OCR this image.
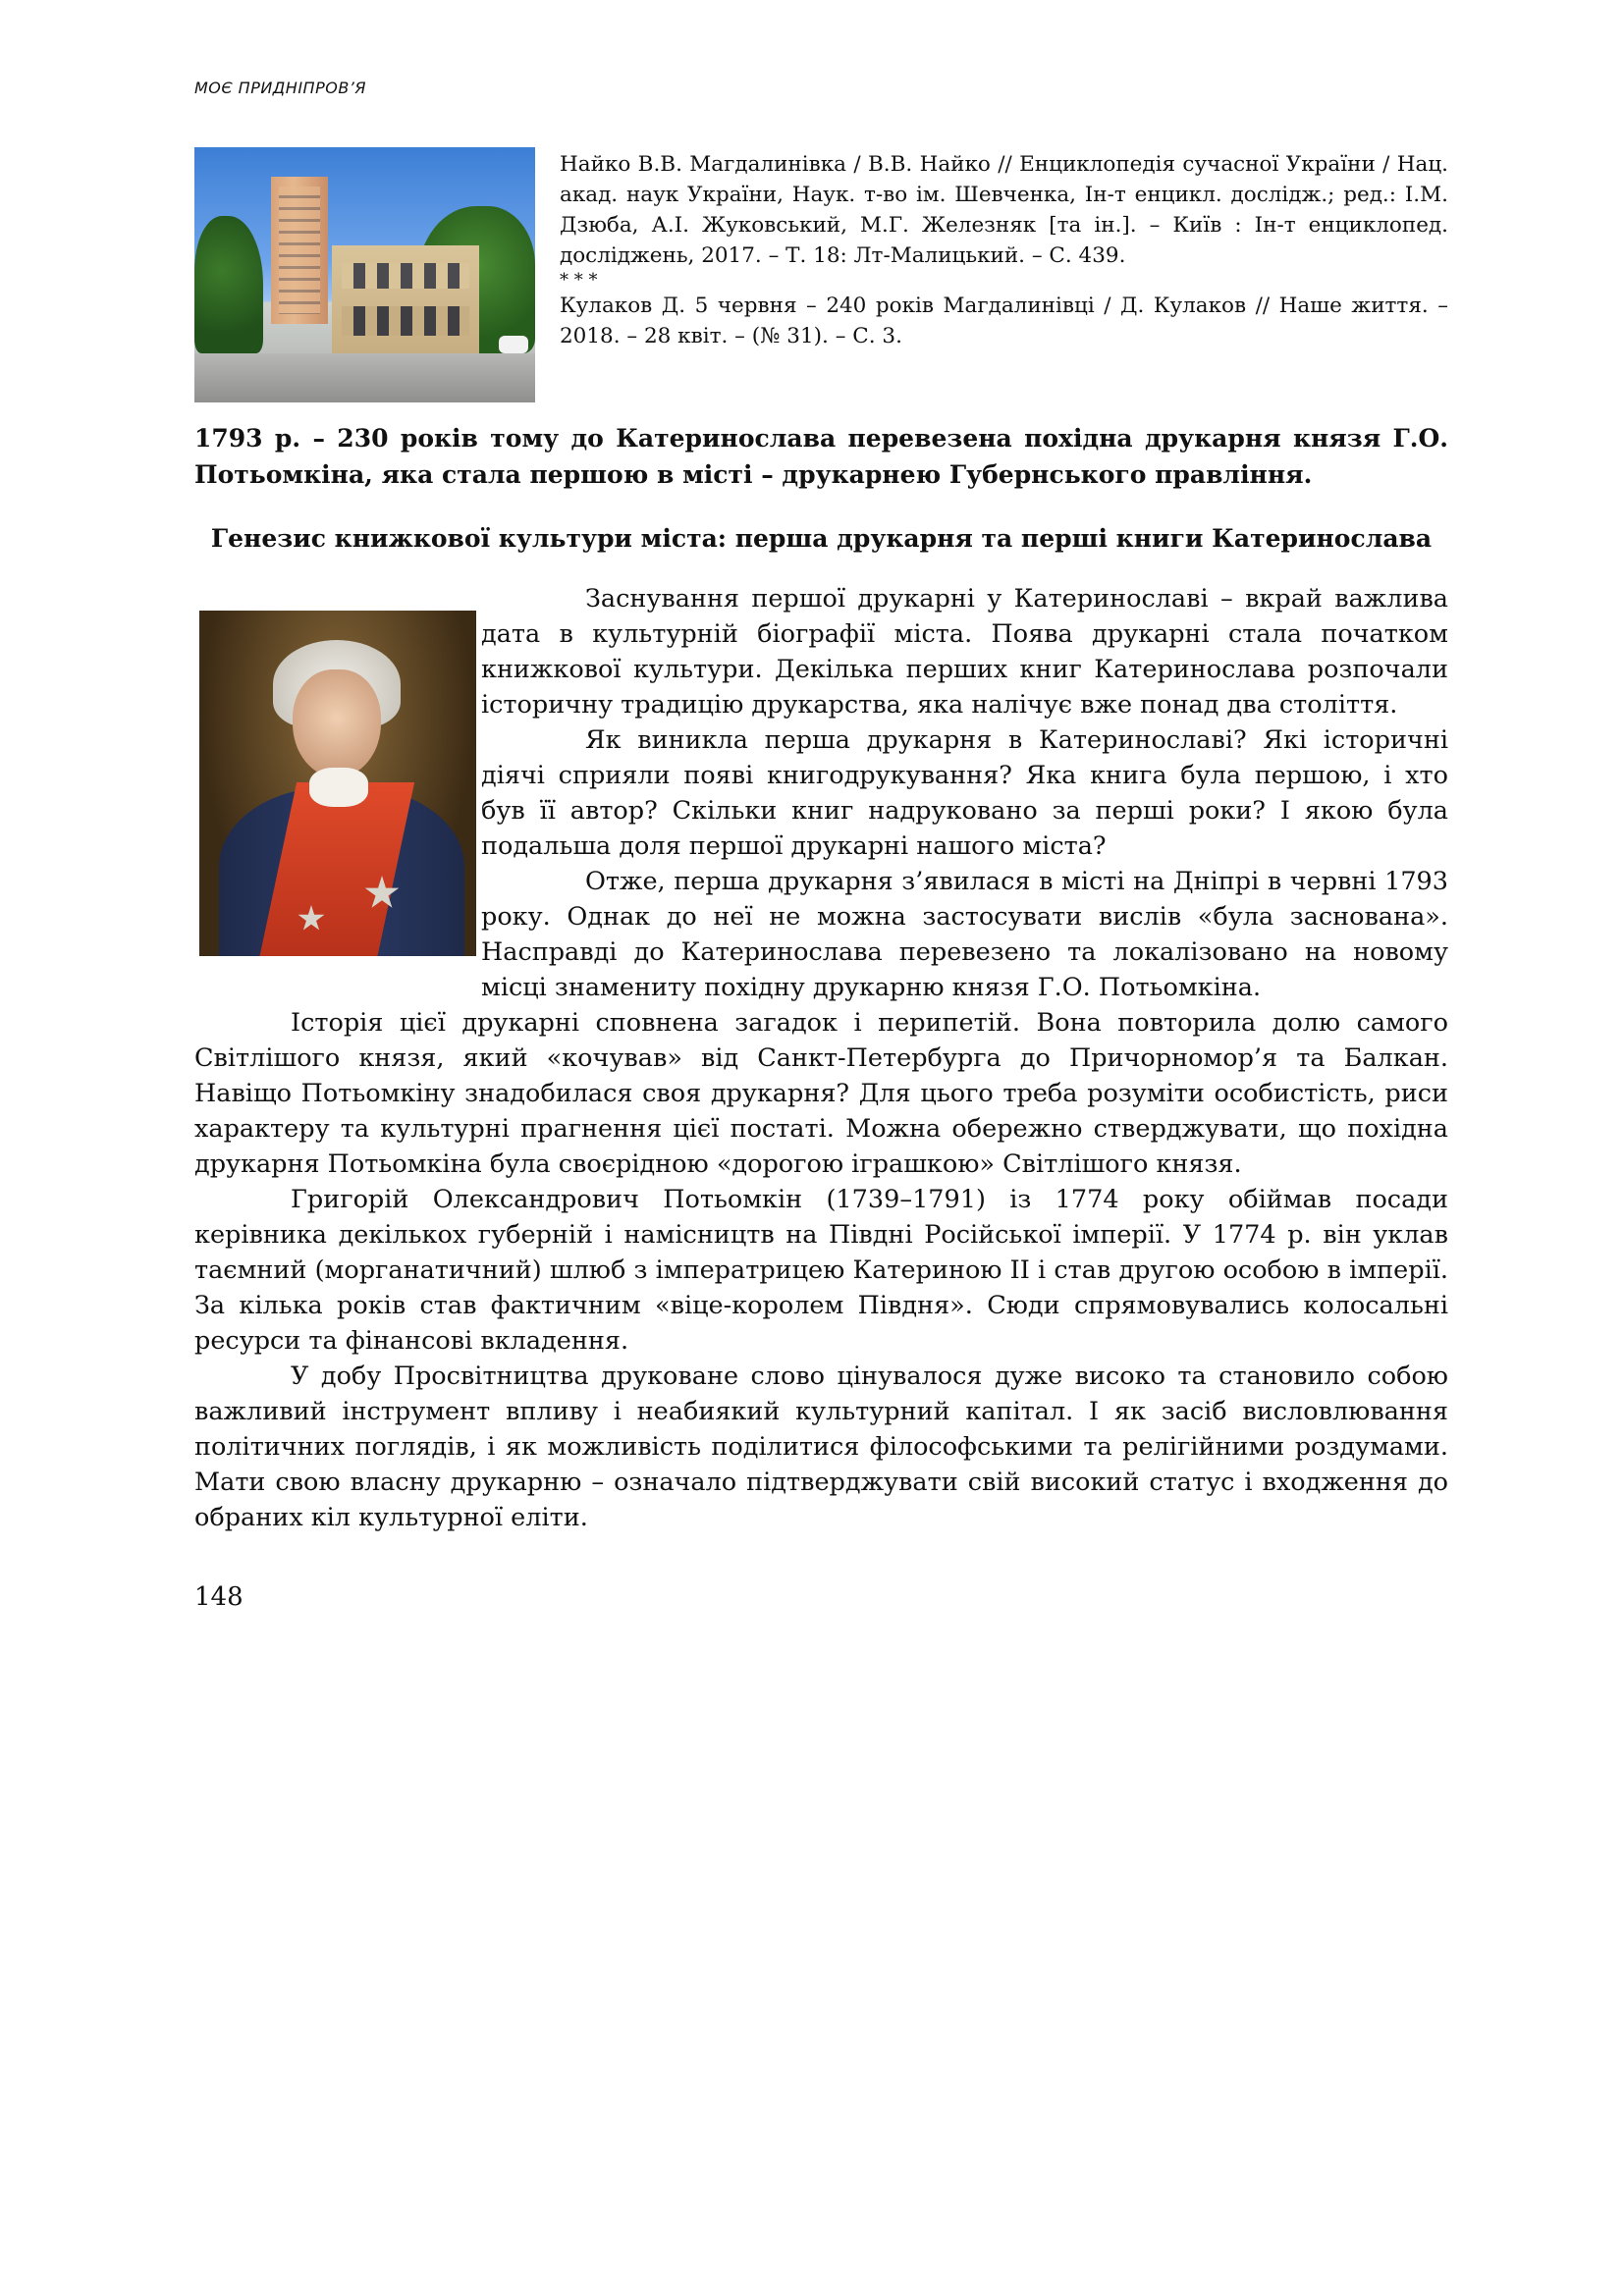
МОЄ ПРИДНІПРОВ’Я

Найко В.В. Магдалинівка / В.В. Найко // Енциклопедія сучасної України / Нац. акад. наук України, Наук. т-во ім. Шевченка, Ін-т енцикл. дослідж.; ред.: І.М. Дзюба, А.І. Жуковський, М.Г. Железняк [та ін.]. – Київ : Ін-т енциклопед. досліджень, 2017. – Т. 18: Лт-Малицький. – С. 439.

* * *

Кулаков Д. 5 червня – 240 років Магдалинівці / Д. Кулаков // Наше життя. – 2018. – 28 квіт. – (№ 31). – С. 3.

1793 р. – 230 років тому до Катеринослава перевезена похідна друкарня князя Г.О. Потьомкіна, яка стала першою в місті – друкарнею Губернського правління.
Генезис книжкової культури міста: перша друкарня та перші книги Катеринослава

Заснування першої друкарні у Катеринославі – вкрай важлива дата в культурній біографії міста. Поява друкарні стала початком книжкової культури. Декілька перших книг Катеринослава розпочали історичну традицію друкарства, яка налічує вже понад два століття.

Як виникла перша друкарня в Катеринославі? Які історичні діячі сприяли появі книгодрукування? Яка книга була першою, і хто був її автор? Скільки книг надруковано за перші роки? І якою була подальша доля першої друкарні нашого міста?

Отже, перша друкарня з’явилася в місті на Дніпрі в червні 1793 року. Однак до неї не можна застосувати вислів «була заснована». Насправді до Катеринослава перевезено та локалізовано на новому місці знамениту похідну друкарню князя Г.О. Потьомкіна.

Історія цієї друкарні сповнена загадок і перипетій. Вона повторила долю самого Світлішого князя, який «кочував» від Санкт-Петербурга до Причорномор’я та Балкан. Навіщо Потьомкіну знадобилася своя друкарня? Для цього треба розуміти особистість, риси характеру та культурні прагнення цієї постаті. Можна обережно стверджувати, що похідна друкарня Потьомкіна була своєрідною «дорогою іграшкою» Світлішого князя.

Григорій Олександрович Потьомкін (1739–1791) із 1774 року обіймав посади керівника декількох губерній і намісництв на Півдні Російської імперії. У 1774 р. він уклав таємний (морганатичний) шлюб з імператрицею Катериною ІІ і став другою особою в імперії. За кілька років став фактичним «віце-королем Півдня». Сюди спрямовувались колосальні ресурси та фінансові вкладення.

У добу Просвітництва друковане слово цінувалося дуже високо та становило собою важливий інструмент впливу і неабиякий культурний капітал. І як засіб висловлювання політичних поглядів, і як можливість поділитися філософськими та релігійними роздумами. Мати свою власну друкарню – означало підтверджувати свій високий статус і входження до обраних кіл культурної еліти.

148
